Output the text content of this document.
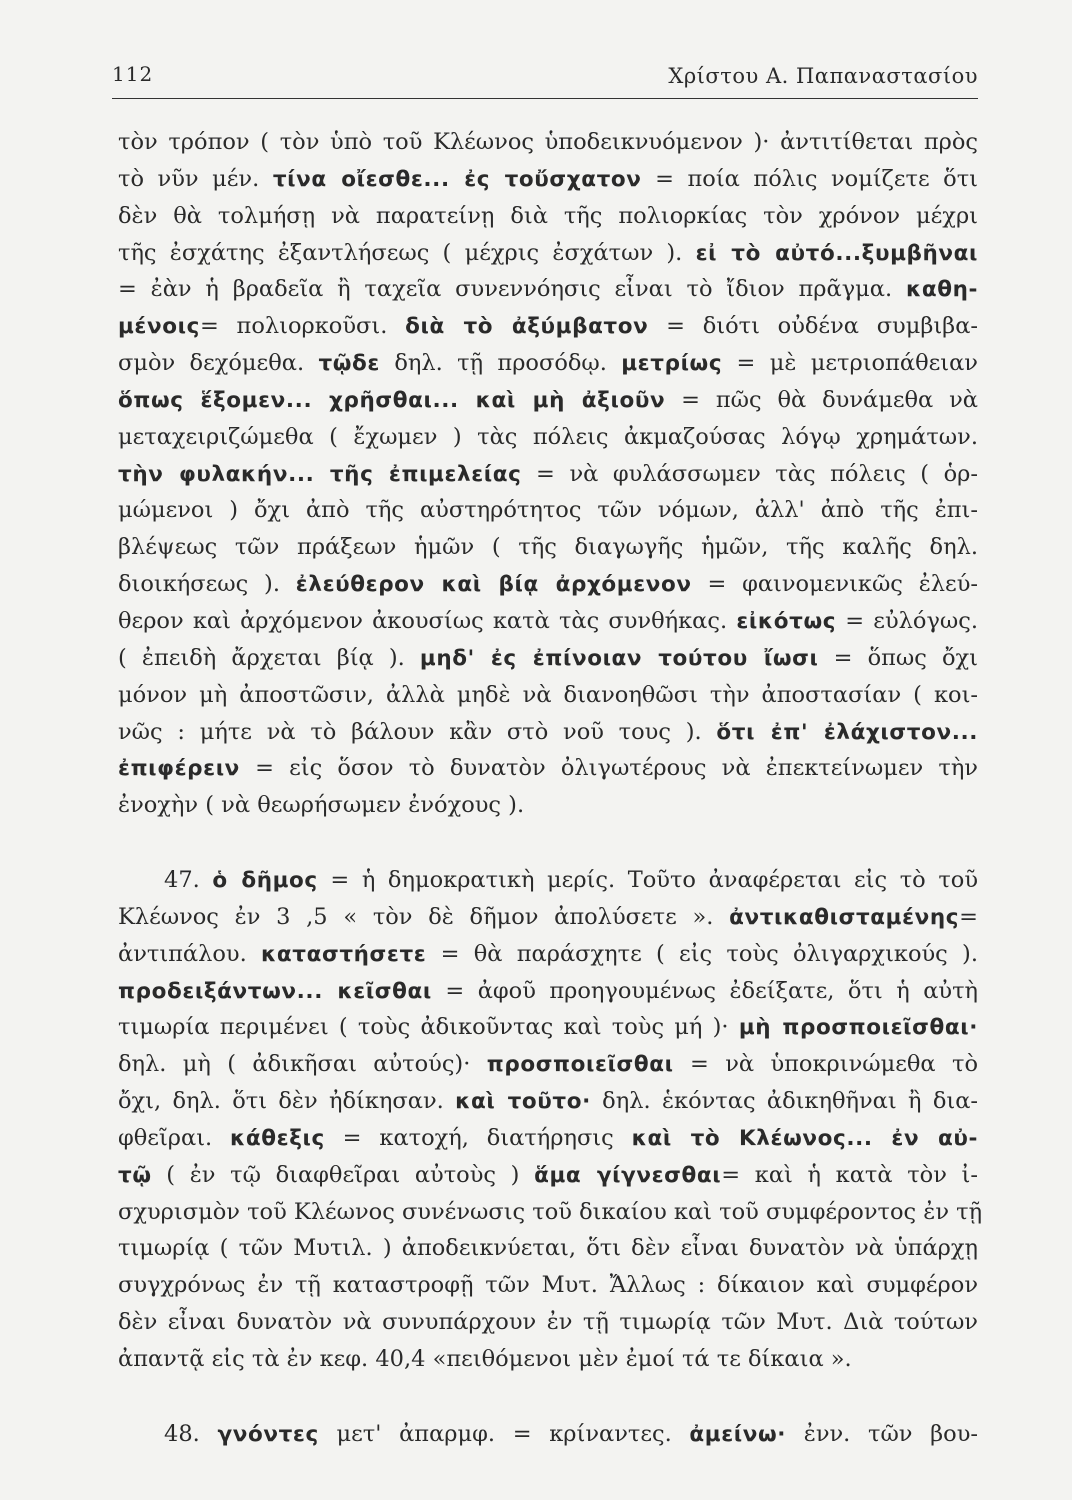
112	Χρίστου Α. Παπαναστασίου
τὸν τρόπον ( τὸν ὑπὸ τοῦ Κλέωνος ὑποδεικνυόμενον )· ἀντιτίθεται πρὸς
τὸ νῦν μέν. τίνα οἴεσθε... ἐς τοὔσχατον = ποία πόλις νομίζετε ὅτι
δὲν θὰ τολμήσῃ νὰ παρατείνῃ διὰ τῆς πολιορκίας τὸν χρόνον μέχρι
τῆς ἐσχάτης ἐξαντλήσεως ( μέχρις ἐσχάτων ). εἰ τὸ αὐτό...ξυμβῆναι
= ἐὰν ἡ βραδεῖα ἢ ταχεῖα συνεννόησις εἶναι τὸ ἴδιον πρᾶγμα. καθη-
μένοις= πολιορκοῦσι. διὰ τὸ ἀξύμβατον = διότι οὐδένα συμβιβα-
σμὸν δεχόμεθα. τῷδε δηλ. τῇ προσόδῳ. μετρίως = μὲ μετριοπάθειαν
ὅπως ἕξομεν... χρῆσθαι... καὶ μὴ ἀξιοῦν = πῶς θὰ δυνάμεθα νὰ
μεταχειριζώμεθα ( ἔχωμεν ) τὰς πόλεις ἀκμαζούσας λόγῳ χρημάτων.
τὴν φυλακήν... τῆς ἐπιμελείας = νὰ φυλάσσωμεν τὰς πόλεις ( ὁρ-
μώμενοι ) ὄχι ἀπὸ τῆς αὐστηρότητος τῶν νόμων, ἀλλ' ἀπὸ τῆς ἐπι-
βλέψεως τῶν πράξεων ἡμῶν ( τῆς διαγωγῆς ἡμῶν, τῆς καλῆς δηλ.
διοικήσεως ). ἐλεύθερον καὶ βίᾳ ἀρχόμενον = φαινομενικῶς ἐλεύ-
θερον καὶ ἀρχόμενον ἀκουσίως κατὰ τὰς συνθήκας. εἰκότως = εὐλόγως.
( ἐπειδὴ ἄρχεται βίᾳ ). μηδ' ἐς ἐπίνοιαν τούτου ἴωσι = ὅπως ὄχι
μόνον μὴ ἀποστῶσιν, ἀλλὰ μηδὲ νὰ διανοηθῶσι τὴν ἀποστασίαν ( κοι-
νῶς : μήτε νὰ τὸ βάλουν κἂν στὸ νοῦ τους ). ὅτι ἐπ' ἐλάχιστον...
ἐπιφέρειν = εἰς ὅσον τὸ δυνατὸν ὀλιγωτέρους νὰ ἐπεκτείνωμεν τὴν
ἐνοχὴν ( νὰ θεωρήσωμεν ἐνόχους ).
47. ὁ δῆμος = ἡ δημοκρατικὴ μερίς. Τοῦτο ἀναφέρεται εἰς τὸ τοῦ
Κλέωνος ἐν 3 ,5 « τὸν δὲ δῆμον ἀπολύσετε ». ἀντικαθισταμένης=
ἀντιπάλου. καταστήσετε = θὰ παράσχητε ( εἰς τοὺς ὀλιγαρχικούς ).
προδειξάντων... κεῖσθαι = ἀφοῦ προηγουμένως ἐδείξατε, ὅτι ἡ αὐτὴ
τιμωρία περιμένει ( τοὺς ἀδικοῦντας καὶ τοὺς μή )· μὴ προσποιεῖσθαι·
δηλ. μὴ ( ἀδικῆσαι αὐτούς)· προσποιεῖσθαι = νὰ ὑποκρινώμεθα τὸ
ὄχι, δηλ. ὅτι δὲν ἠδίκησαν. καὶ τοῦτο· δηλ. ἑκόντας ἀδικηθῆναι ἢ δια-
φθεῖραι. κάθεξις = κατοχή, διατήρησις καὶ τὸ Κλέωνος... ἐν αὐ-
τῷ ( ἐν τῷ διαφθεῖραι αὐτοὺς ) ἅμα γίγνεσθαι= καὶ ἡ κατὰ τὸν ἰ-
σχυρισμὸν τοῦ Κλέωνος συνένωσις τοῦ δικαίου καὶ τοῦ συμφέροντος ἐν τῇ
τιμωρίᾳ ( τῶν Μυτιλ. ) ἀποδεικνύεται, ὅτι δὲν εἶναι δυνατὸν νὰ ὑπάρχῃ
συγχρόνως ἐν τῇ καταστροφῇ τῶν Μυτ. Ἄλλως : δίκαιον καὶ συμφέρον
δὲν εἶναι δυνατὸν νὰ συνυπάρχουν ἐν τῇ τιμωρίᾳ τῶν Μυτ. Διὰ τούτων
ἀπαντᾷ εἰς τὰ ἐν κεφ. 40,4 «πειθόμενοι μὲν ἐμοί τά τε δίκαια ».
48. γνόντες μετ' ἀπαρμφ. = κρίναντες. ἀμείνω· ἐνν. τῶν βου-
